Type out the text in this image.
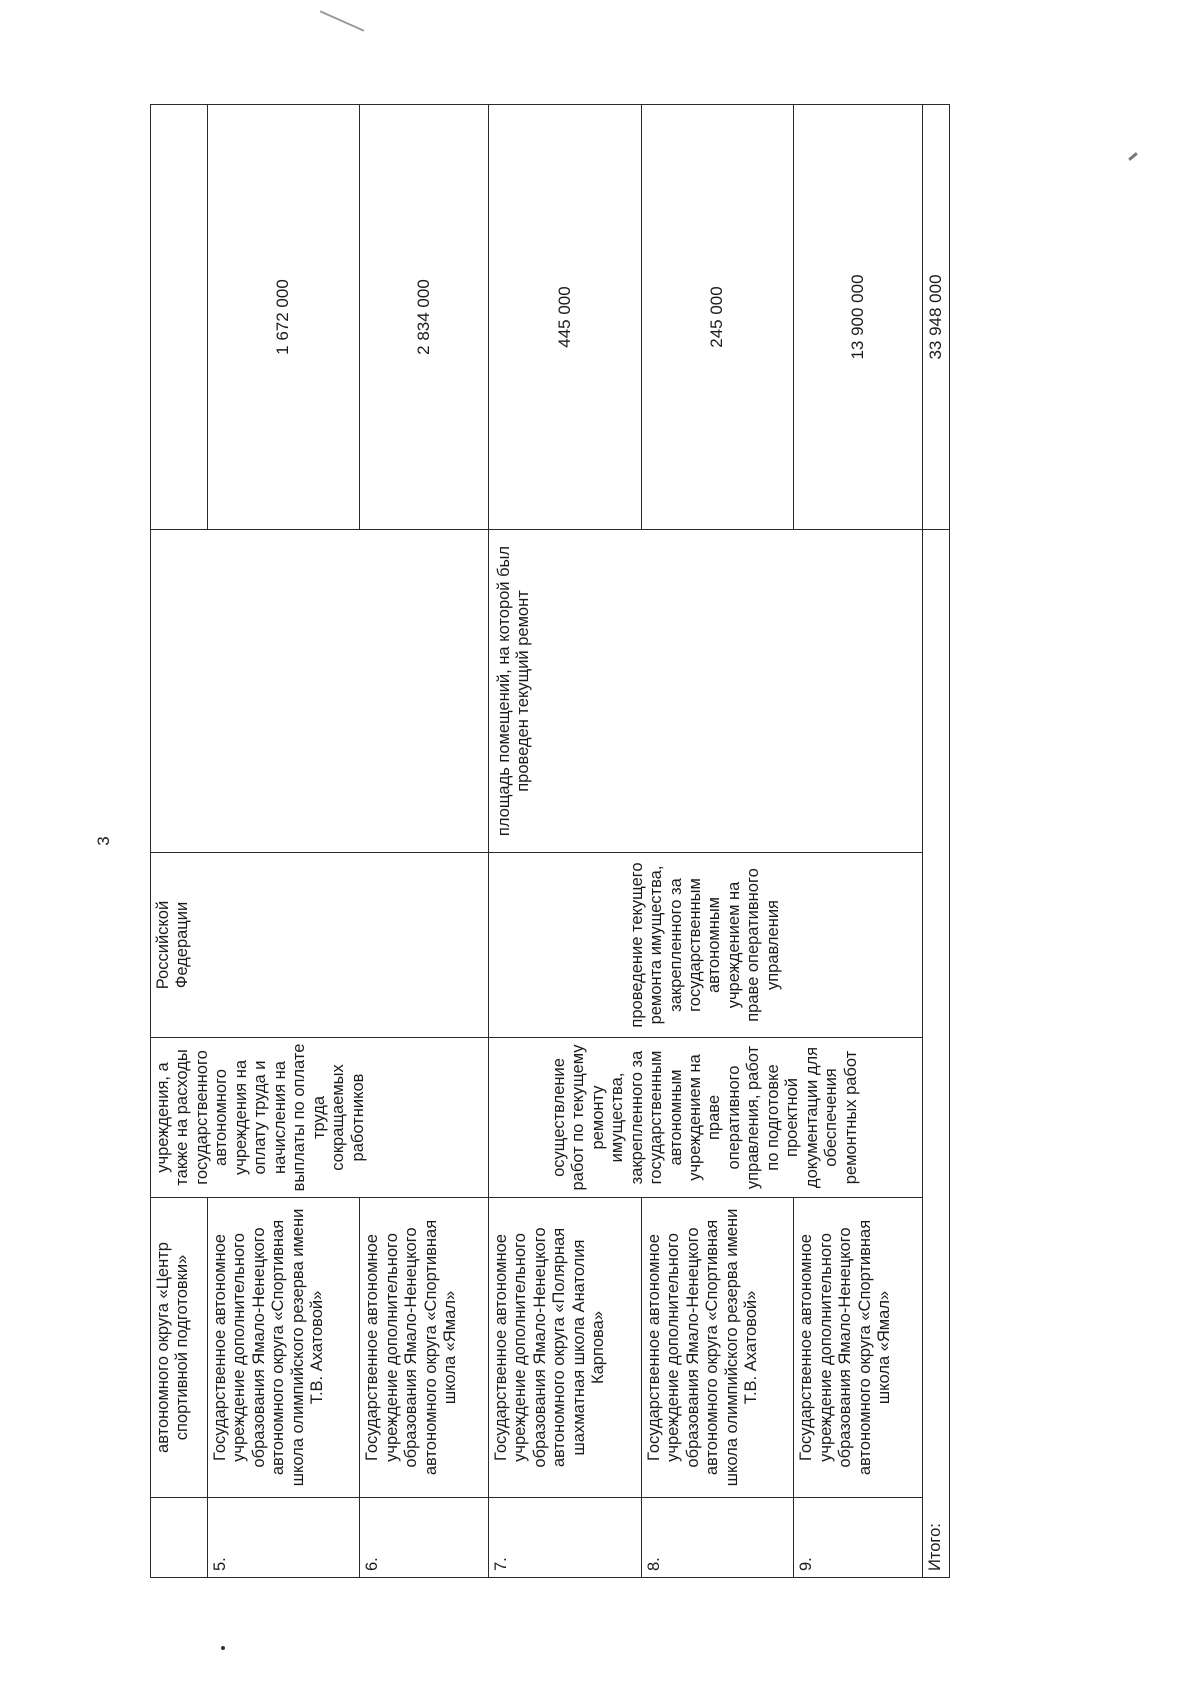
3
	автономного округа «Центр спортивной подготовки»	учреждения, а также на расходы государственного автономного учреждения на оплату труда и начисления на выплаты по оплате труда сокращаемых работников	Российской Федерации		
5.	Государственное автономное учреждение дополнительного образования Ямало-Ненецкого автономного округа «Спортивная школа олимпийского резерва имени Т.В. Ахатовой»				1 672 000
6.	Государственное автономное учреждение дополнительного образования Ямало-Ненецкого автономного округа «Спортивная школа «Ямал»				2 834 000
7.	Государственное автономное учреждение дополнительного образования Ямало-Ненецкого автономного округа «Полярная шахматная школа Анатолия Карпова»	осуществление работ по текущему ремонту имущества, закрепленного за государственным автономным учреждением на праве оперативного управления, работ по подготовке проектной документации для обеспечения ремонтных работ	проведение текущего ремонта имущества, закрепленного за государственным автономным учреждением на праве оперативного управления	площадь помещений, на которой был проведен текущий ремонт	445 000
8.	Государственное автономное учреждение дополнительного образования Ямало-Ненецкого автономного округа «Спортивная школа олимпийского резерва имени Т.В. Ахатовой»				245 000
9.	Государственное автономное учреждение дополнительного образования Ямало-Ненецкого автономного округа «Спортивная школа «Ямал»				13 900 000
Итого:					33 948 000
